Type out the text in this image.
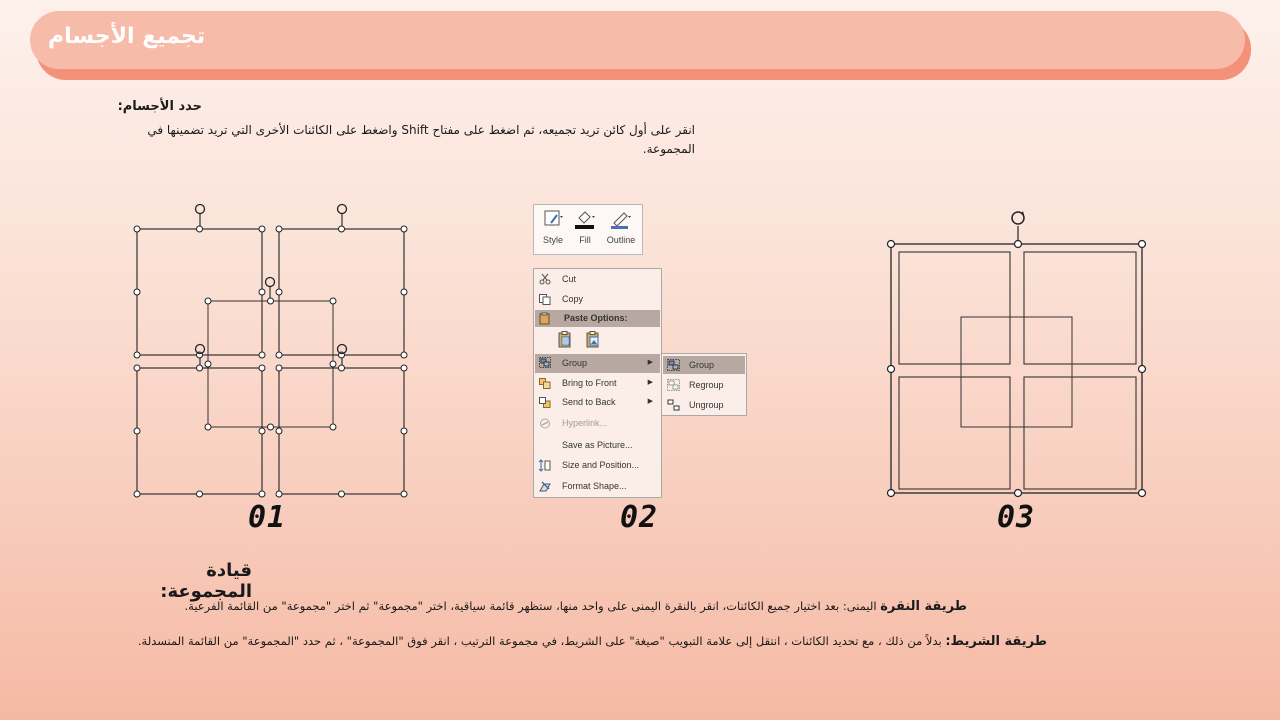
تجميع الأجسام
حدد الأجسام:
انقر على أول كائن تريد تجميعه، ثم اضغط على مفتاح Shift واضغط على الكائنات الأخرى التي تريد تضمينها في المجموعة.
01
Style	Fill	Outline
Cut
Copy
Paste Options:
Group	▶
Bring to Front	▶
Send to Back	▶
Hyperlink...
Save as Picture...
Size and Position...
Format Shape...
Group
Regroup
Ungroup
02	03
قيادة المجموعة:
طريقة النقرة اليمنى: بعد اختيار جميع الكائنات، انقر بالنقرة اليمنى على واحد منها، ستظهر قائمة سياقية، اختر "مجموعة" ثم اختر "مجموعة" من القائمة الفرعية.
طريقة الشريط: بدلاً من ذلك ، مع تحديد الكائنات ، انتقل إلى علامة التبويب "صيغة" على الشريط، في مجموعة الترتيب ، انقر فوق "المجموعة" ، ثم حدد "المجموعة" من القائمة المنسدلة.
